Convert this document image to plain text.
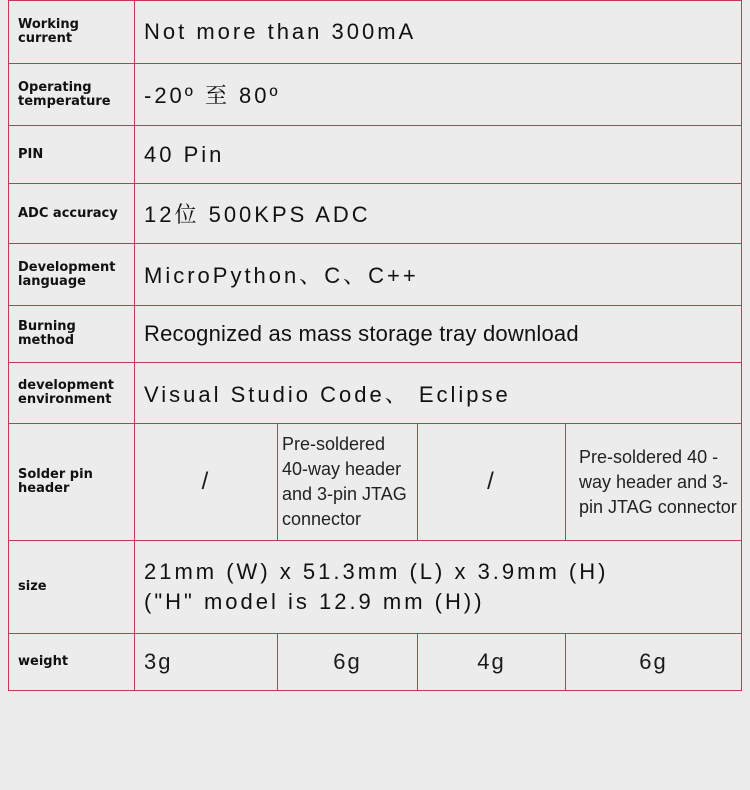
Working current	Not more than 300mA			
Operating temperature	-20º 至 80º			
PIN	40 Pin			
ADC accuracy	12位 500KPS ADC			
Development language	MicroPython、C、C++			
Burning method	Recognized as mass storage tray download			
development environment	Visual Studio Code、 Eclipse			
Solder pin header	/	Pre-soldered 40-way header and 3-pin JTAG connector	/	Pre-soldered 40 -way header and 3-pin JTAG connector
size	21mm (W) x 51.3mm (L) x 3.9mm (H)
("H" model is 12.9 mm (H))			

weight	3g	6g	4g	6g
